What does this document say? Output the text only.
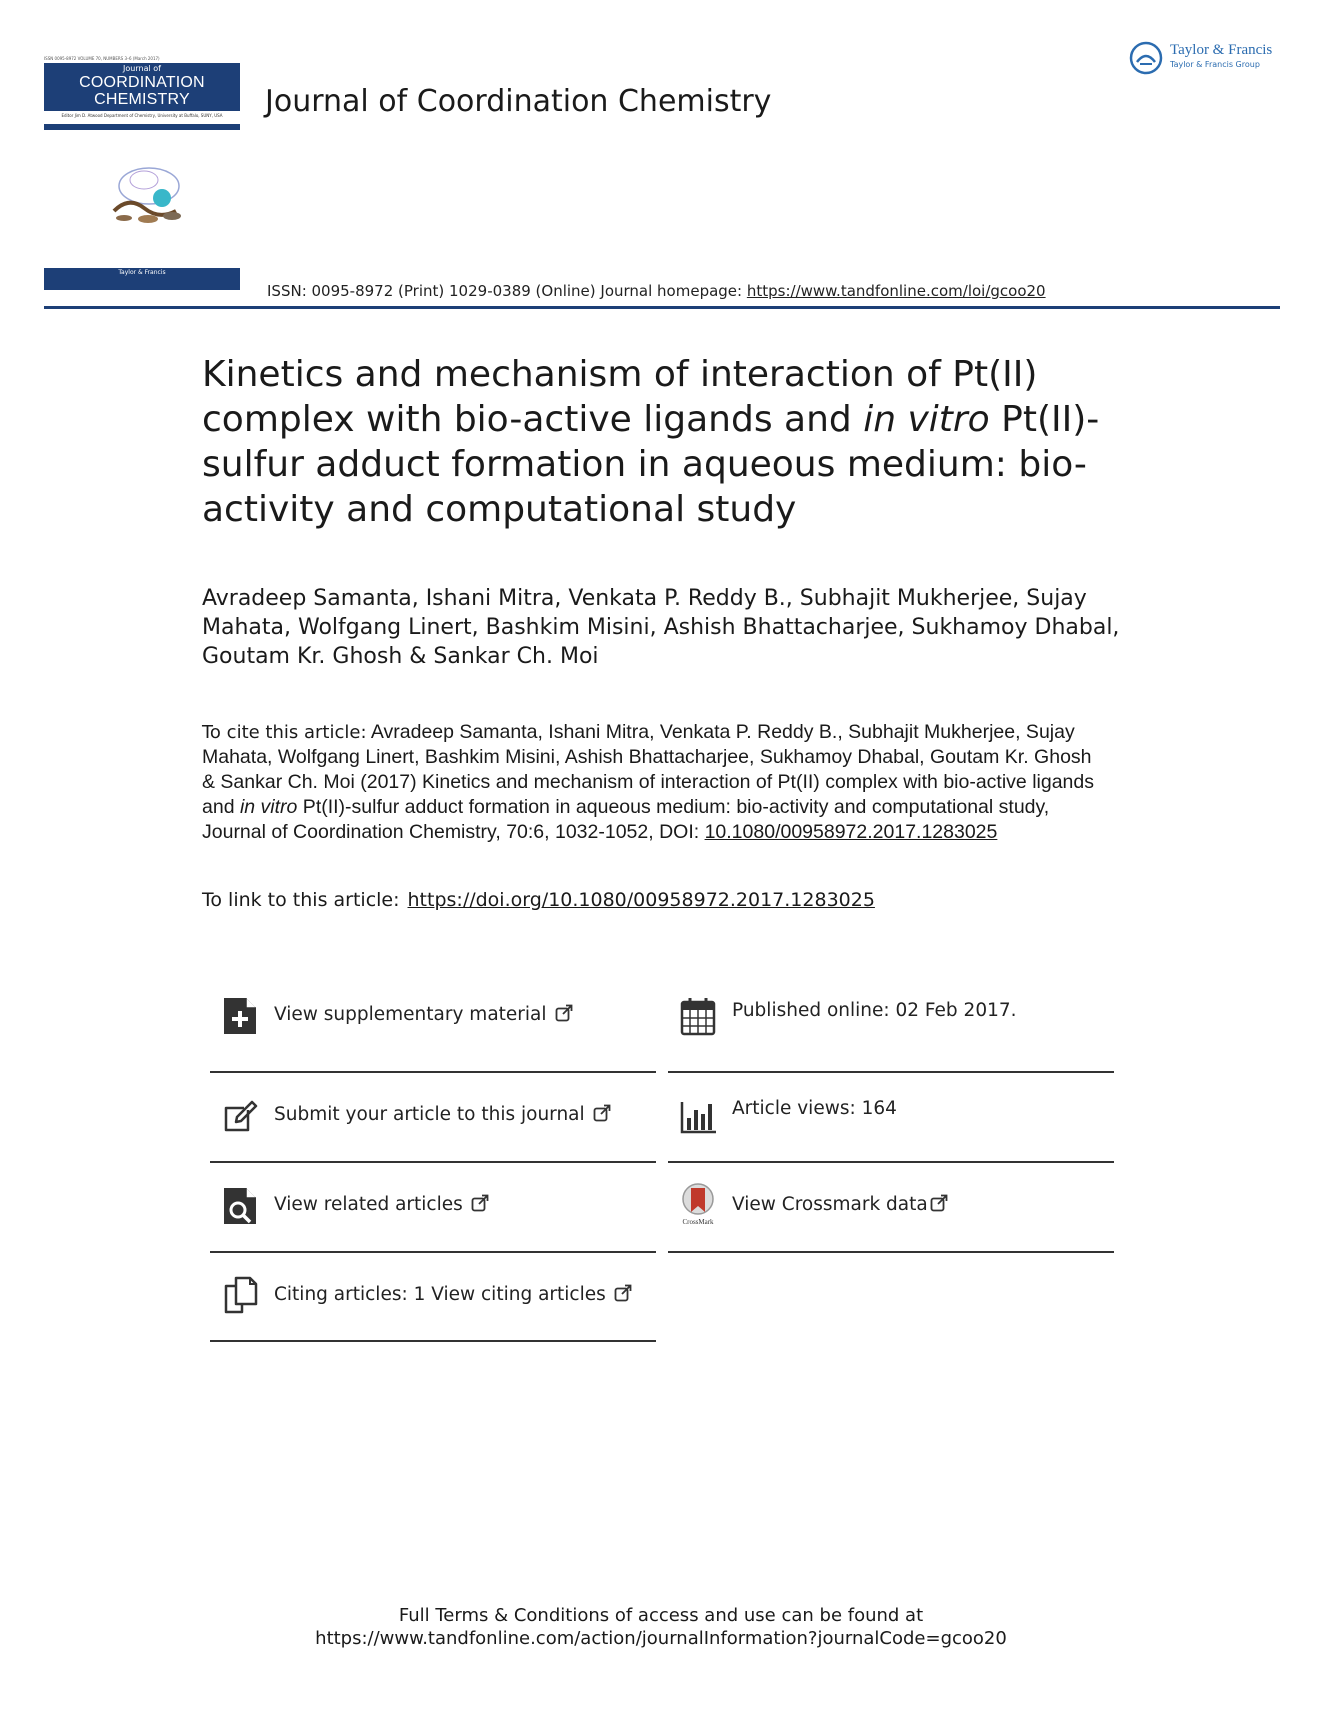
ISSN 0095-8972 VOLUME 70, NUMBERS 3–6 (March 2017)
Journal of
COORDINATION
CHEMISTRY
Editor Jim D. Atwood Department of Chemistry, University at Buffalo, SUNY, USA
Taylor & Francis
Journal of Coordination Chemistry
Taylor & Francis
Taylor & Francis Group
ISSN: 0095-8972 (Print) 1029-0389 (Online) Journal homepage: https://www.tandfonline.com/loi/gcoo20
Kinetics and mechanism of interaction of Pt(II) complex with bio-active ligands and in vitro Pt(II)-sulfur adduct formation in aqueous medium: bio-activity and computational study
Avradeep Samanta, Ishani Mitra, Venkata P. Reddy B., Subhajit Mukherjee, Sujay Mahata, Wolfgang Linert, Bashkim Misini, Ashish Bhattacharjee, Sukhamoy Dhabal, Goutam Kr. Ghosh & Sankar Ch. Moi
To cite this article: Avradeep Samanta, Ishani Mitra, Venkata P. Reddy B., Subhajit Mukherjee, Sujay Mahata, Wolfgang Linert, Bashkim Misini, Ashish Bhattacharjee, Sukhamoy Dhabal, Goutam Kr. Ghosh & Sankar Ch. Moi (2017) Kinetics and mechanism of interaction of Pt(II) complex with bio-active ligands and in vitro Pt(II)-sulfur adduct formation in aqueous medium: bio-activity and computational study, Journal of Coordination Chemistry, 70:6, 1032-1052, DOI: 10.1080/00958972.2017.1283025
To link to this article: https://doi.org/10.1080/00958972.2017.1283025
View supplementary material	Published online: 02 Feb 2017.
Submit your article to this journal	Article views: 164
View related articles
CrossMark
View Crossmark data
Citing articles: 1 View citing articles
Full Terms & Conditions of access and use can be found at
https://www.tandfonline.com/action/journalInformation?journalCode=gcoo20
